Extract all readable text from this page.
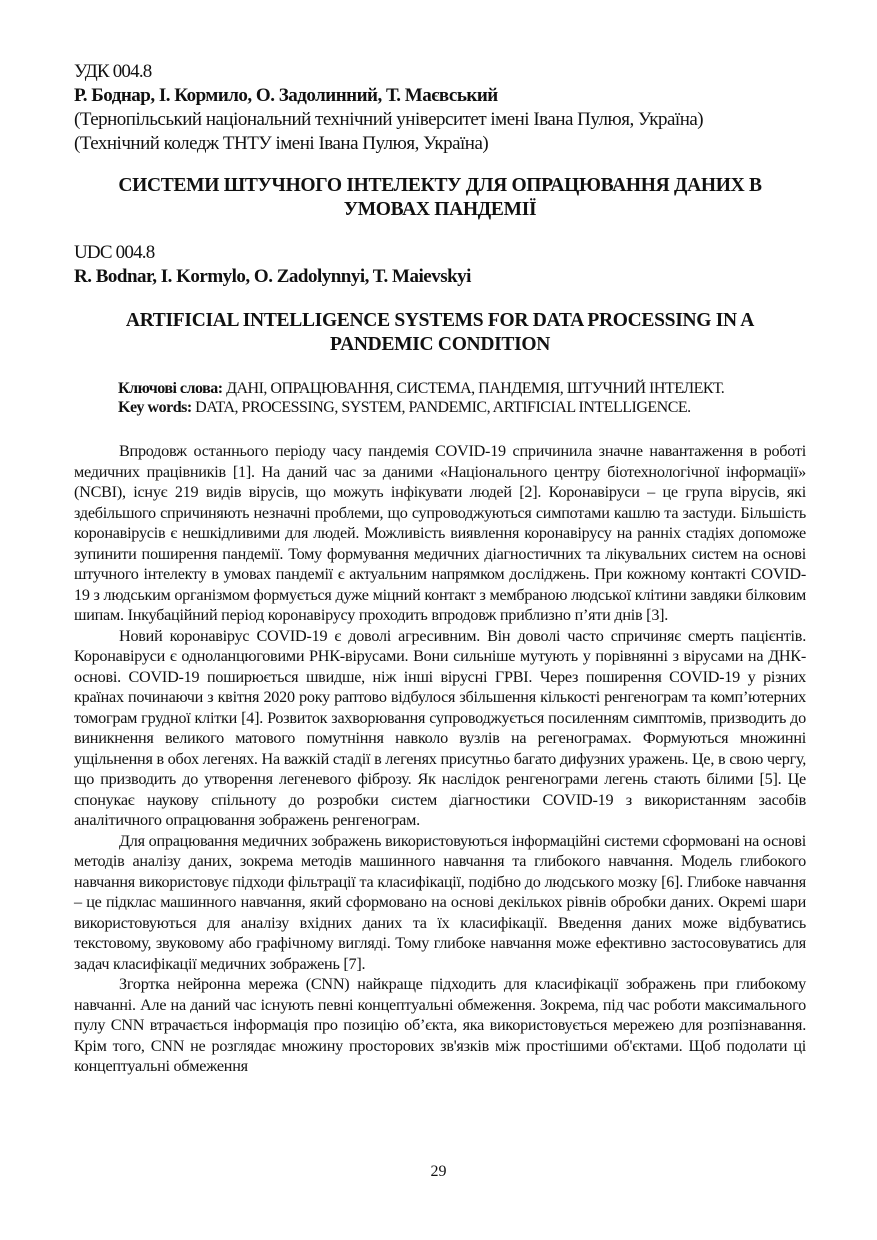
УДК 004.8
Р. Боднар, І. Кормило, О. Задолинний, Т. Маєвський
(Тернопільський національний технічний університет імені Івана Пулюя, Україна)
(Технічний коледж ТНТУ імені Івана Пулюя, Україна)
СИСТЕМИ ШТУЧНОГО ІНТЕЛЕКТУ ДЛЯ ОПРАЦЮВАННЯ ДАНИХ В УМОВАХ ПАНДЕМІЇ
UDC 004.8
R. Bodnar, I. Kormylo, O. Zadolynnyi, T. Maievskyi
ARTIFICIAL INTELLIGENCE SYSTEMS FOR DATA PROCESSING IN A PANDEMIC CONDITION
Ключові слова: ДАНІ, ОПРАЦЮВАННЯ, СИСТЕМА, ПАНДЕМІЯ, ШТУЧНИЙ ІНТЕЛЕКТ.
Key words: DATA, PROCESSING, SYSTEM, PANDEMIC, ARTIFICIAL INTELLIGENCE.

Впродовж останнього періоду часу пандемія COVID-19 спричинила значне навантаження в роботі медичних працівників [1]. На даний час за даними «Національного центру біотехнологічної інформації» (NCBI), існує 219 видів вірусів, що можуть інфікувати людей [2]. Коронавіруси – це група вірусів, які здебільшого спричиняють незначні проблеми, що супроводжуються симпотами кашлю та застуди. Більшість коронавірусів є нешкідливими для людей. Можливість виявлення коронавірусу на ранніх стадіях допоможе зупинити поширення пандемії. Тому формування медичних діагностичних та лікувальних систем на основі штучного інтелекту в умовах пандемії є актуальним напрямком досліджень. При кожному контакті COVID-19 з людським організмом формується дуже міцний контакт з мембраною людської клітини завдяки білковим шипам. Інкубаційний період коронавірусу проходить впродовж приблизно п’яти днів [3].

Новий коронавірус COVID-19 є доволі агресивним. Він доволі часто спричиняє смерть пацієнтів. Коронавіруси є одноланцюговими РНК-вірусами. Вони сильніше мутують у порівнянні з вірусами на ДНК-основі. COVID-19 поширюється швидше, ніж інші вірусні ГРВІ. Через поширення COVID-19 у різних країнах починаючи з квітня 2020 року раптово відбулося збільшення кількості ренгенограм та комп’ютерних томограм грудної клітки [4]. Розвиток захворювання супроводжується посиленням симптомів, призводить до виникнення великого матового помутніння навколо вузлів на регенограмах. Формуються множинні ущільнення в обох легенях. На важкій стадії в легенях присутньо багато дифузних уражень. Це, в свою чергу, що призводить до утворення легеневого фіброзу. Як наслідок ренгенограми легень стають білими [5]. Це спонукає наукову спільноту до розробки систем діагностики COVID-19 з використанням засобів аналітичного опрацювання зображень ренгенограм.

Для опрацювання медичних зображень використовуються інформаційні системи сформовані на основі методів аналізу даних, зокрема методів машинного навчання та глибокого навчання. Модель глибокого навчання використовує підходи фільтрації та класифікації, подібно до людського мозку [6]. Глибоке навчання – це підклас машинного навчання, який сформовано на основі декількох рівнів обробки даних. Окремі шари використовуються для аналізу вхідних даних та їх класифікації. Введення даних може відбуватись текстовому, звуковому або графічному вигляді. Тому глибоке навчання може ефективно застосовуватись для задач класифікації медичних зображень [7].

Згортка нейронна мережа (CNN) найкраще підходить для класифікації зображень при глибокому навчанні. Але на даний час існують певні концептуальні обмеження. Зокрема, під час роботи максимального пулу CNN втрачається інформація про позицію об’єкта, яка використовується мережею для розпізнавання. Крім того, CNN не розглядає множину просторових зв'язків між простішими об'єктами. Щоб подолати ці концептуальні обмеження

29
